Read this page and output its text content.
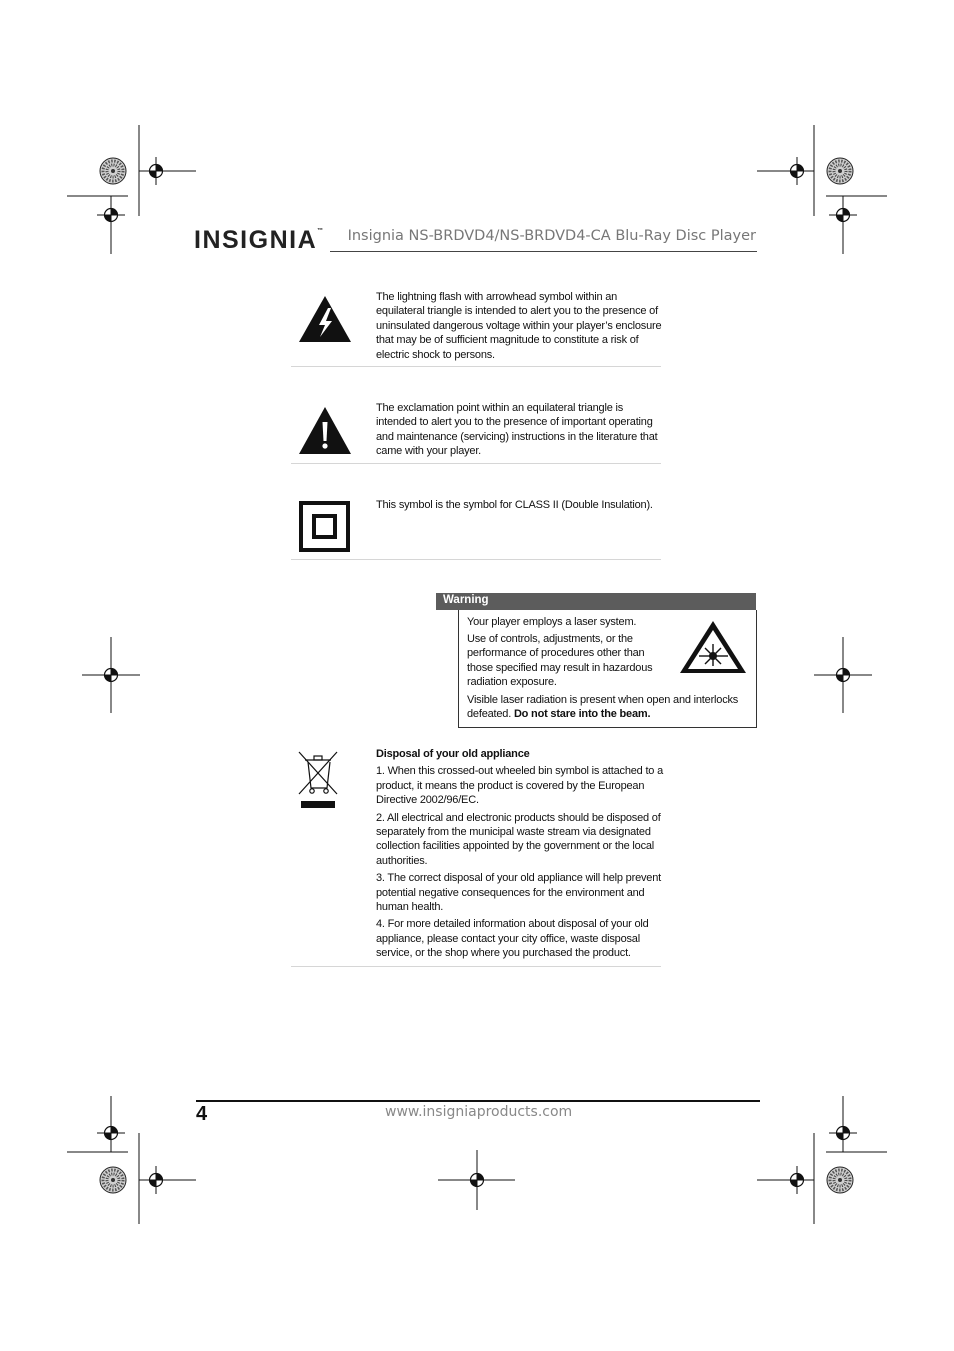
INSIGNIA™	Insignia NS-BRDVD4/NS-BRDVD4-CA Blu-Ray Disc Player
The lightning flash with arrowhead symbol within an equilateral triangle is intended to alert you to the presence of uninsulated dangerous voltage within your player’s enclosure that may be of sufficient magnitude to constitute a risk of electric shock to persons.
The exclamation point within an equilateral triangle is intended to alert you to the presence of important operating and maintenance (servicing) instructions in the literature that came with your player.
This symbol is the symbol for CLASS II (Double Insulation).
Warning
Your player employs a laser system.
Use of controls, adjustments, or the performance of procedures other than those specified may result in hazardous radiation exposure.
Visible laser radiation is present when open and interlocks defeated. Do not stare into the beam.
Disposal of your old appliance
1. When this crossed-out wheeled bin symbol is attached to a product, it means the product is covered by the European Directive 2002/96/EC.
2. All electrical and electronic products should be disposed of separately from the municipal waste stream via designated collection facilities appointed by the government or the local authorities.
3. The correct disposal of your old appliance will help prevent potential negative consequences for the environment and human health.
4. For more detailed information about disposal of your old appliance, please contact your city office, waste disposal service, or the shop where you purchased the product.
4	www.insigniaproducts.com
